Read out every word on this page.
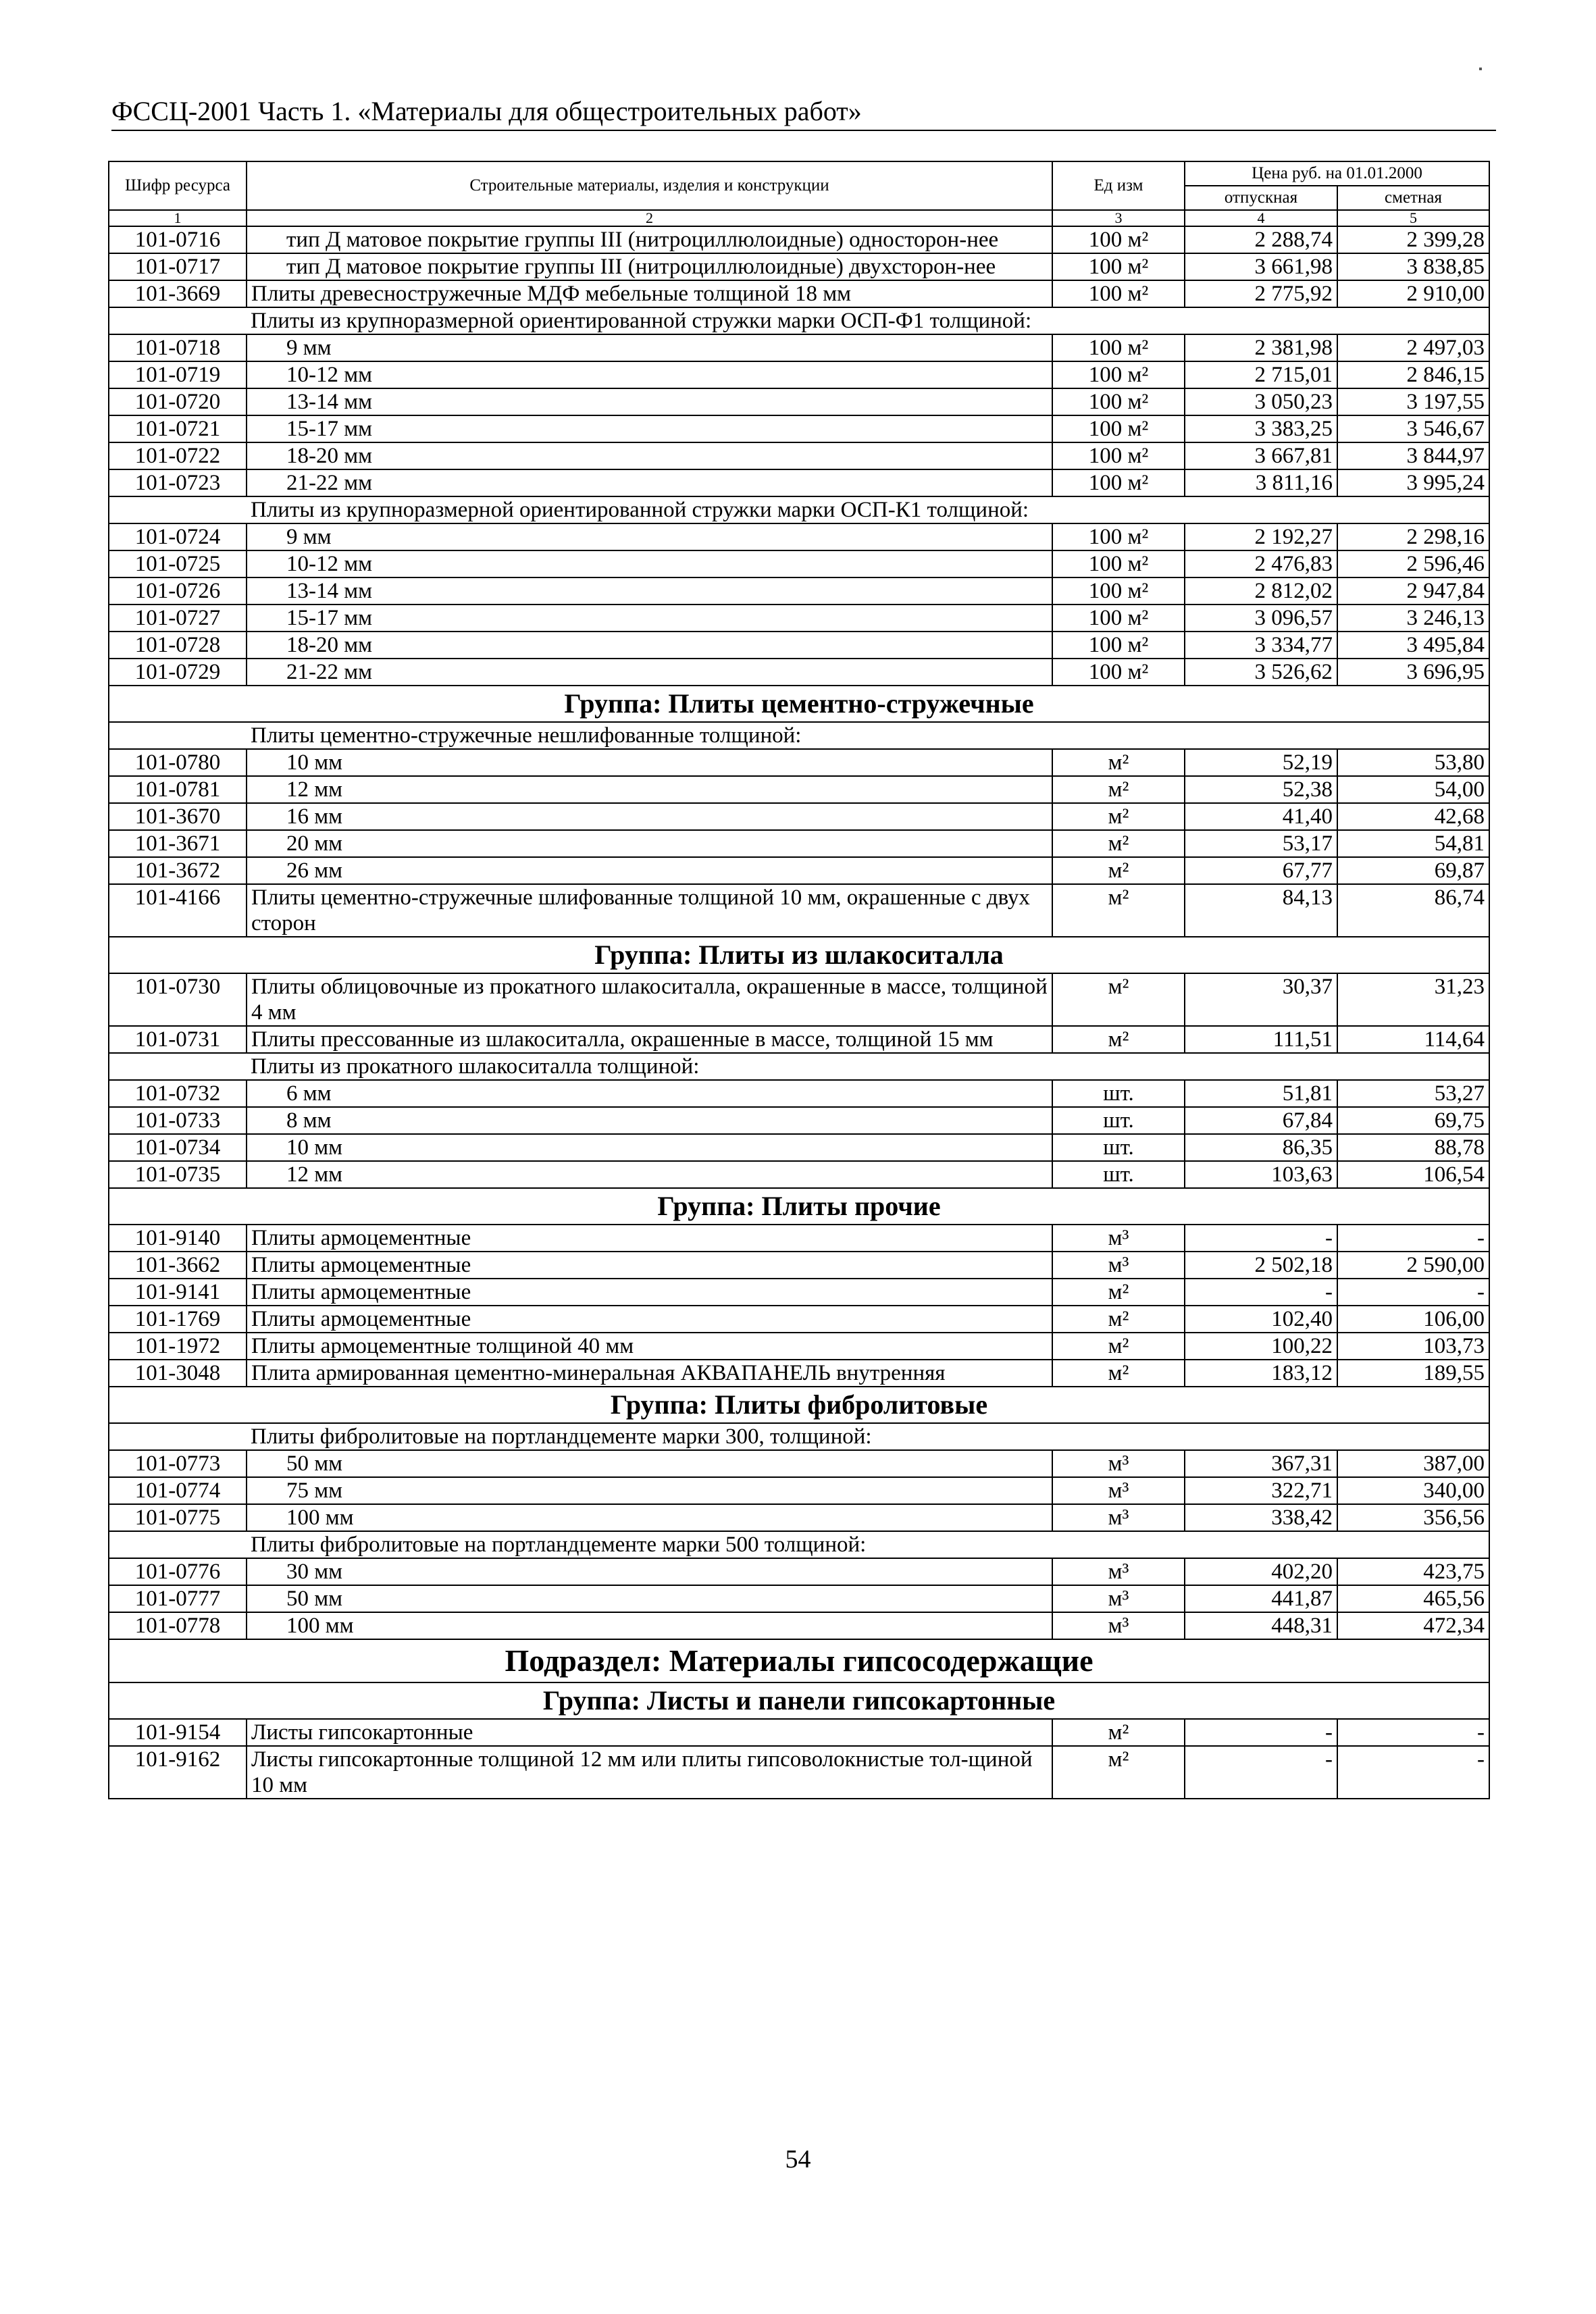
ФССЦ-2001 Часть 1. «Материалы для общестроительных работ»
Шифр ресурса	Строительные материалы, изделия и конструкции	Ед изм	Цена руб. на 01.01.2000	
			отпускная	сметная
1	2	3	4	5
101-0716	тип Д матовое покрытие группы III (нитроциллюлоидные) односторон-нее	100 м²	2 288,74	2 399,28
101-0717	тип Д матовое покрытие группы III (нитроциллюлоидные) двухсторон-нее	100 м²	3 661,98	3 838,85
101-3669	Плиты древесностружечные МДФ мебельные толщиной 18 мм	100 м²	2 775,92	2 910,00
	Плиты из крупноразмерной ориентированной стружки марки ОСП-Ф1 толщиной:			
101-0718	9 мм	100 м²	2 381,98	2 497,03
101-0719	10-12 мм	100 м²	2 715,01	2 846,15
101-0720	13-14 мм	100 м²	3 050,23	3 197,55
101-0721	15-17 мм	100 м²	3 383,25	3 546,67
101-0722	18-20 мм	100 м²	3 667,81	3 844,97
101-0723	21-22 мм	100 м²	3 811,16	3 995,24
	Плиты из крупноразмерной ориентированной стружки марки ОСП-К1 толщиной:			
101-0724	9 мм	100 м²	2 192,27	2 298,16
101-0725	10-12 мм	100 м²	2 476,83	2 596,46
101-0726	13-14 мм	100 м²	2 812,02	2 947,84
101-0727	15-17 мм	100 м²	3 096,57	3 246,13
101-0728	18-20 мм	100 м²	3 334,77	3 495,84
101-0729	21-22 мм	100 м²	3 526,62	3 696,95
Группа: Плиты цементно-стружечные				
	Плиты цементно-стружечные нешлифованные толщиной:			
101-0780	10 мм	м²	52,19	53,80
101-0781	12 мм	м²	52,38	54,00
101-3670	16 мм	м²	41,40	42,68
101-3671	20 мм	м²	53,17	54,81
101-3672	26 мм	м²	67,77	69,87
101-4166	Плиты цементно-стружечные шлифованные толщиной 10 мм, окрашенные с двух сторон	м²	84,13	86,74
Группа: Плиты из шлакоситалла				
101-0730	Плиты облицовочные из прокатного шлакоситалла, окрашенные в массе, толщиной 4 мм	м²	30,37	31,23
101-0731	Плиты прессованные из шлакоситалла, окрашенные в массе, толщиной 15 мм	м²	111,51	114,64
	Плиты из прокатного шлакоситалла толщиной:			
101-0732	6 мм	шт.	51,81	53,27
101-0733	8 мм	шт.	67,84	69,75
101-0734	10 мм	шт.	86,35	88,78
101-0735	12 мм	шт.	103,63	106,54
Группа: Плиты прочие				
101-9140	Плиты армоцементные	м³	-	-
101-3662	Плиты армоцементные	м³	2 502,18	2 590,00
101-9141	Плиты армоцементные	м²	-	-
101-1769	Плиты армоцементные	м²	102,40	106,00
101-1972	Плиты армоцементные толщиной 40 мм	м²	100,22	103,73
101-3048	Плита армированная цементно-минеральная АКВАПАНЕЛЬ внутренняя	м²	183,12	189,55
Группа: Плиты фибролитовые				
	Плиты фибролитовые на портландцементе марки 300, толщиной:			
101-0773	50 мм	м³	367,31	387,00
101-0774	75 мм	м³	322,71	340,00
101-0775	100 мм	м³	338,42	356,56
	Плиты фибролитовые на портландцементе марки 500 толщиной:			
101-0776	30 мм	м³	402,20	423,75
101-0777	50 мм	м³	441,87	465,56
101-0778	100 мм	м³	448,31	472,34
Подраздел: Материалы гипсосодержащие				
Группа: Листы и панели гипсокартонные				
101-9154	Листы гипсокартонные	м²	-	-
101-9162	Листы гипсокартонные толщиной 12 мм или плиты гипсоволокнистые тол-щиной 10 мм	м²	-	-
54
